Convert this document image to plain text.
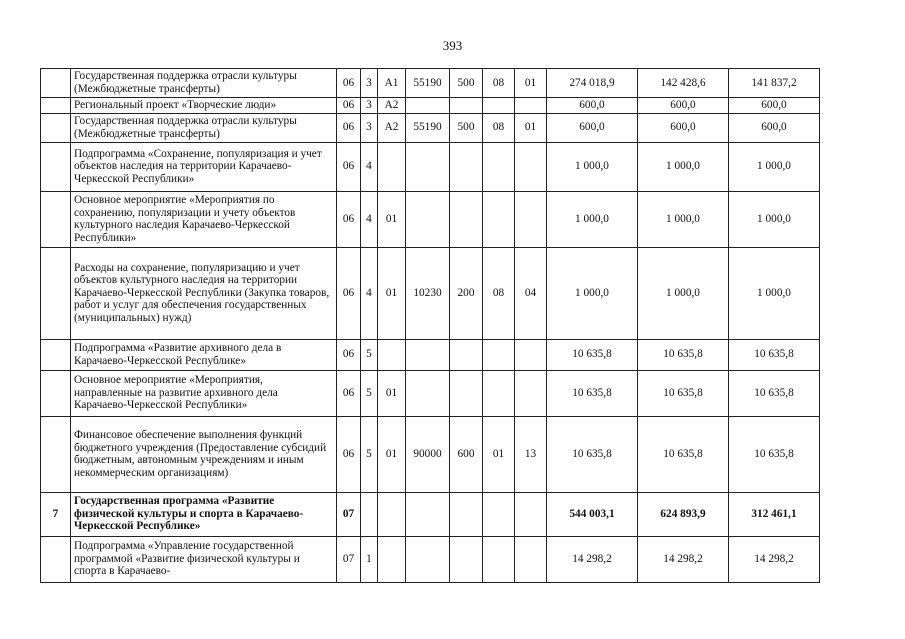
393
	Государственная поддержка отрасли культуры (Межбюджетные трансферты)	06	3	А1	55190	500	08	01	274 018,9	142 428,6	141 837,2
	Региональный проект «Творческие люди»	06	3	А2					600,0	600,0	600,0
	Государственная поддержка отрасли культуры (Межбюджетные трансферты)	06	3	А2	55190	500	08	01	600,0	600,0	600,0
	Подпрограмма «Сохранение, популяризация и учет объектов наследия на территории Карачаево-Черкесской Республики»	06	4						1 000,0	1 000,0	1 000,0
	Основное мероприятие «Мероприятия по сохранению, популяризации и учету объектов культурного наследия Карачаево-Черкесской Республики»	06	4	01					1 000,0	1 000,0	1 000,0
	Расходы на сохранение, популяризацию и учет объектов культурного наследия на территории Карачаево-Черкесской Республики (Закупка товаров, работ и услуг для обеспечения государственных (муниципальных) нужд)	06	4	01	10230	200	08	04	1 000,0	1 000,0	1 000,0
	Подпрограмма «Развитие архивного дела в Карачаево-Черкесской Республике»	06	5						10 635,8	10 635,8	10 635,8
	Основное мероприятие «Мероприятия, направленные на развитие архивного дела Карачаево-Черкесской Республики»	06	5	01					10 635,8	10 635,8	10 635,8
	Финансовое обеспечение выполнения функций бюджетного учреждения (Предоставление субсидий бюджетным, автономным учреждениям и иным некоммерческим организациям)	06	5	01	90000	600	01	13	10 635,8	10 635,8	10 635,8
7	Государственная программа «Развитие физической культуры и спорта в Карачаево-Черкесской Республике»	07							544 003,1	624 893,9	312 461,1
	Подпрограмма «Управление государственной программой «Развитие физической культуры и спорта в Карачаево-	07	1						14 298,2	14 298,2	14 298,2
